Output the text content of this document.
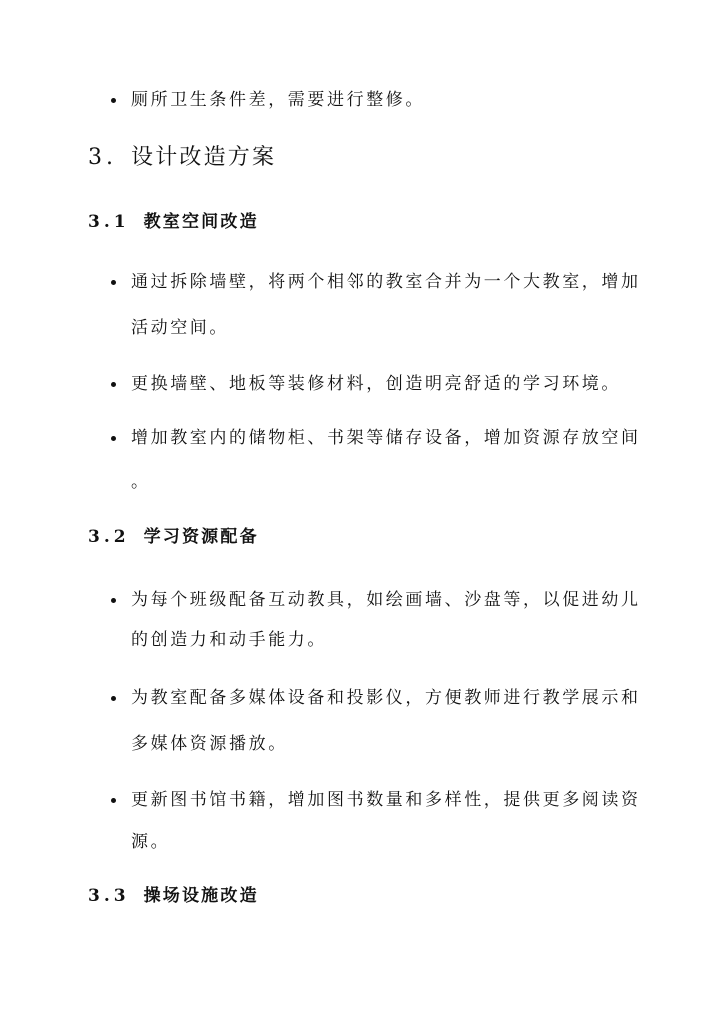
厕所卫生条件差，需要进行整修。
3. 设计改造方案
3.1 教室空间改造
通过拆除墙壁，将两个相邻的教室合并为一个大教室，增加
活动空间。
更换墙壁、地板等装修材料，创造明亮舒适的学习环境。
增加教室内的储物柜、书架等储存设备，增加资源存放空间
。
3.2 学习资源配备
为每个班级配备互动教具，如绘画墙、沙盘等，以促进幼儿
的创造力和动手能力。
为教室配备多媒体设备和投影仪，方便教师进行教学展示和
多媒体资源播放。
更新图书馆书籍，增加图书数量和多样性，提供更多阅读资
源。
3.3 操场设施改造
